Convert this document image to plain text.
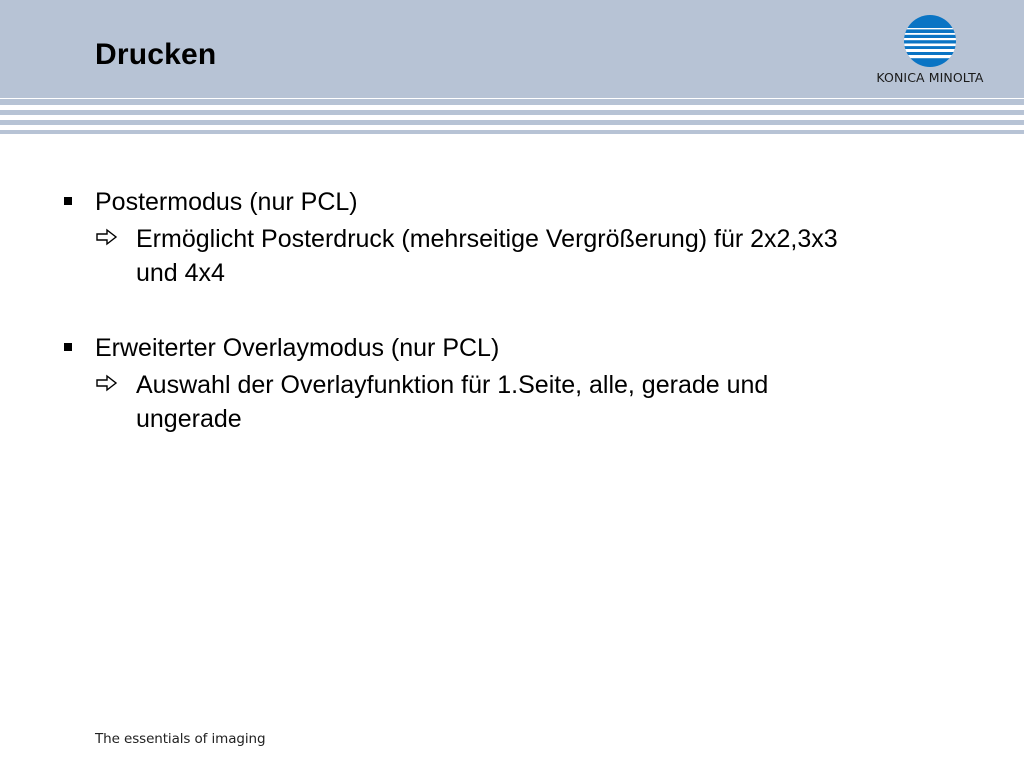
Drucken
KONICA MINOLTA

Postermodus (nur PCL)

Ermöglicht Posterdruck (mehrseitige Vergrößerung) für 2x2,3x3 und 4x4

Erweiterter Overlaymodus (nur PCL)

Auswahl der Overlayfunktion für 1.Seite, alle, gerade und ungerade

The essentials of imaging
